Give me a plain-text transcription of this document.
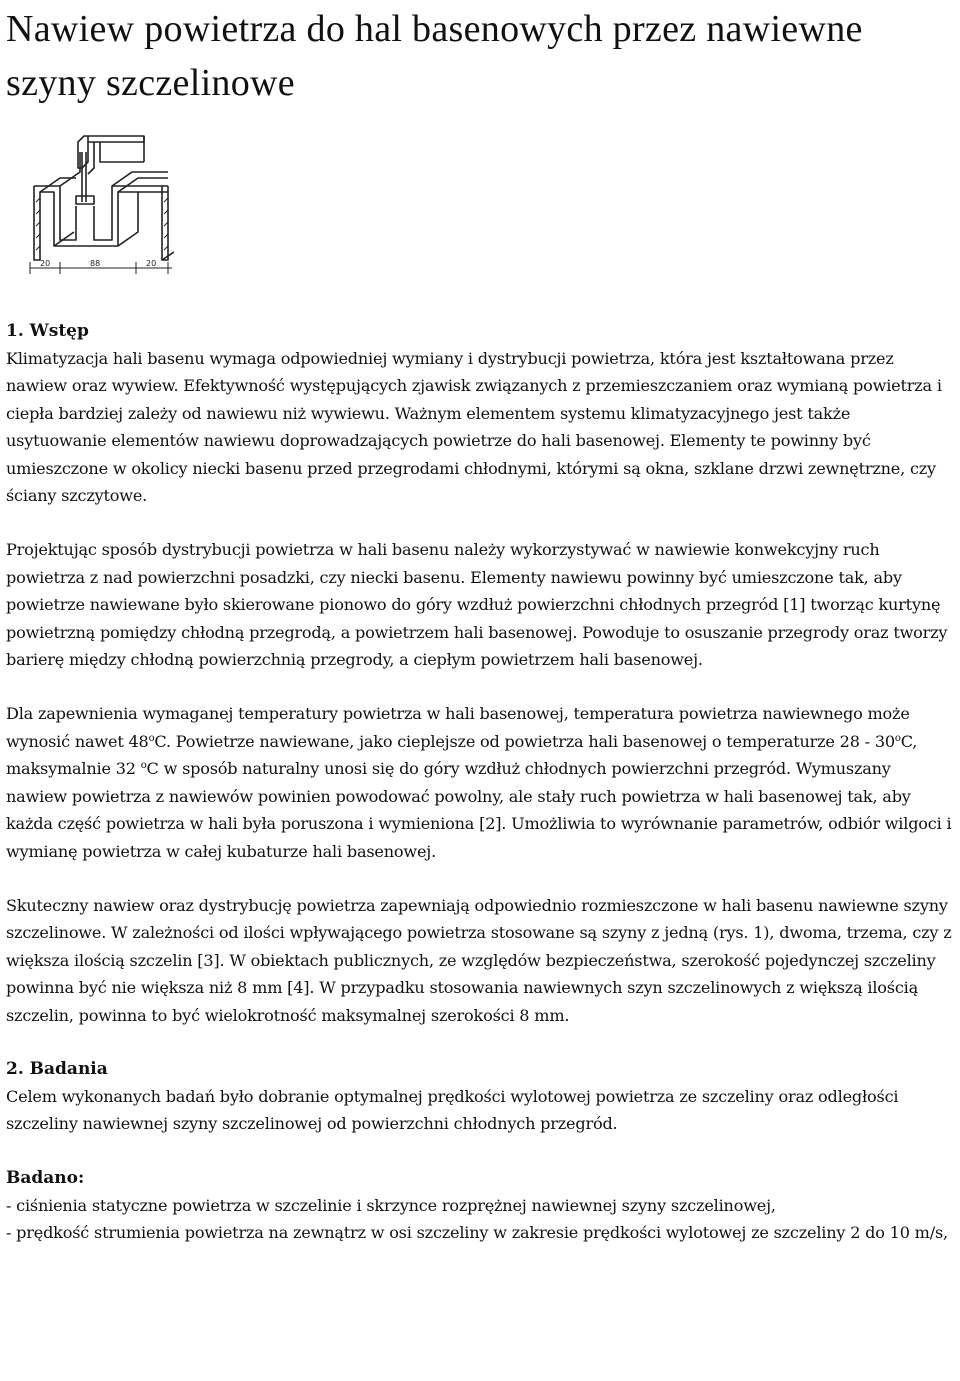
Nawiew powietrza do hal basenowych przez nawiewne szyny szczelinowe
20	88	20
1. Wstęp

Klimatyzacja hali basenu wymaga odpowiedniej wymiany i dystrybucji powietrza, która jest kształtowana przez nawiew oraz wywiew. Efektywność występujących zjawisk związanych z przemieszczaniem oraz wymianą powietrza i ciepła bardziej zależy od nawiewu niż wywiewu. Ważnym elementem systemu klimatyzacyjnego jest także usytuowanie elementów nawiewu doprowadzających powietrze do hali basenowej. Elementy te powinny być umieszczone w okolicy niecki basenu przed przegrodami chłodnymi, którymi są okna, szklane drzwi zewnętrzne, czy ściany szczytowe.

Projektując sposób dystrybucji powietrza w hali basenu należy wykorzystywać w nawiewie konwekcyjny ruch powietrza z nad powierzchni posadzki, czy niecki basenu. Elementy nawiewu powinny być umieszczone tak, aby powietrze nawiewane było skierowane pionowo do góry wzdłuż powierzchni chłodnych przegród [1] tworząc kurtynę powietrzną pomiędzy chłodną przegrodą, a powietrzem hali basenowej. Powoduje to osuszanie przegrody oraz tworzy barierę między chłodną powierzchnią przegrody, a ciepłym powietrzem hali basenowej.

Dla zapewnienia wymaganej temperatury powietrza w hali basenowej, temperatura powietrza nawiewnego może wynosić nawet 48$^o$C. Powietrze nawiewane, jako cieplejsze od powietrza hali basenowej o temperaturze 28 - 30$^o$C, maksymalnie 32 $^o$C w sposób naturalny unosi się do góry wzdłuż chłodnych powierzchni przegród. Wymuszany nawiew powietrza z nawiewów powinien powodować powolny, ale stały ruch powietrza w hali basenowej tak, aby każda część powietrza w hali była poruszona i wymieniona [2]. Umożliwia to wyrównanie parametrów, odbiór wilgoci i wymianę powietrza w całej kubaturze hali basenowej.

Skuteczny nawiew oraz dystrybucję powietrza zapewniają odpowiednio rozmieszczone w hali basenu nawiewne szyny szczelinowe. W zależności od ilości wpływającego powietrza stosowane są szyny z jedną (rys. 1), dwoma, trzema, czy z większa ilością szczelin [3]. W obiektach publicznych, ze względów bezpieczeństwa, szerokość pojedynczej szczeliny powinna być nie większa niż 8 mm [4]. W przypadku stosowania nawiewnych szyn szczelinowych z większą ilością szczelin, powinna to być wielokrotność maksymalnej szerokości 8 mm.

2. Badania

Celem wykonanych badań było dobranie optymalnej prędkości wylotowej powietrza ze szczeliny oraz odległości szczeliny nawiewnej szyny szczelinowej od powierzchni chłodnych przegród.

Badano:
- ciśnienia statyczne powietrza w szczelinie i skrzynce rozprężnej nawiewnej szyny szczelinowej,
- prędkość strumienia powietrza na zewnątrz w osi szczeliny w zakresie prędkości wylotowej ze szczeliny 2 do 10 m/s,
